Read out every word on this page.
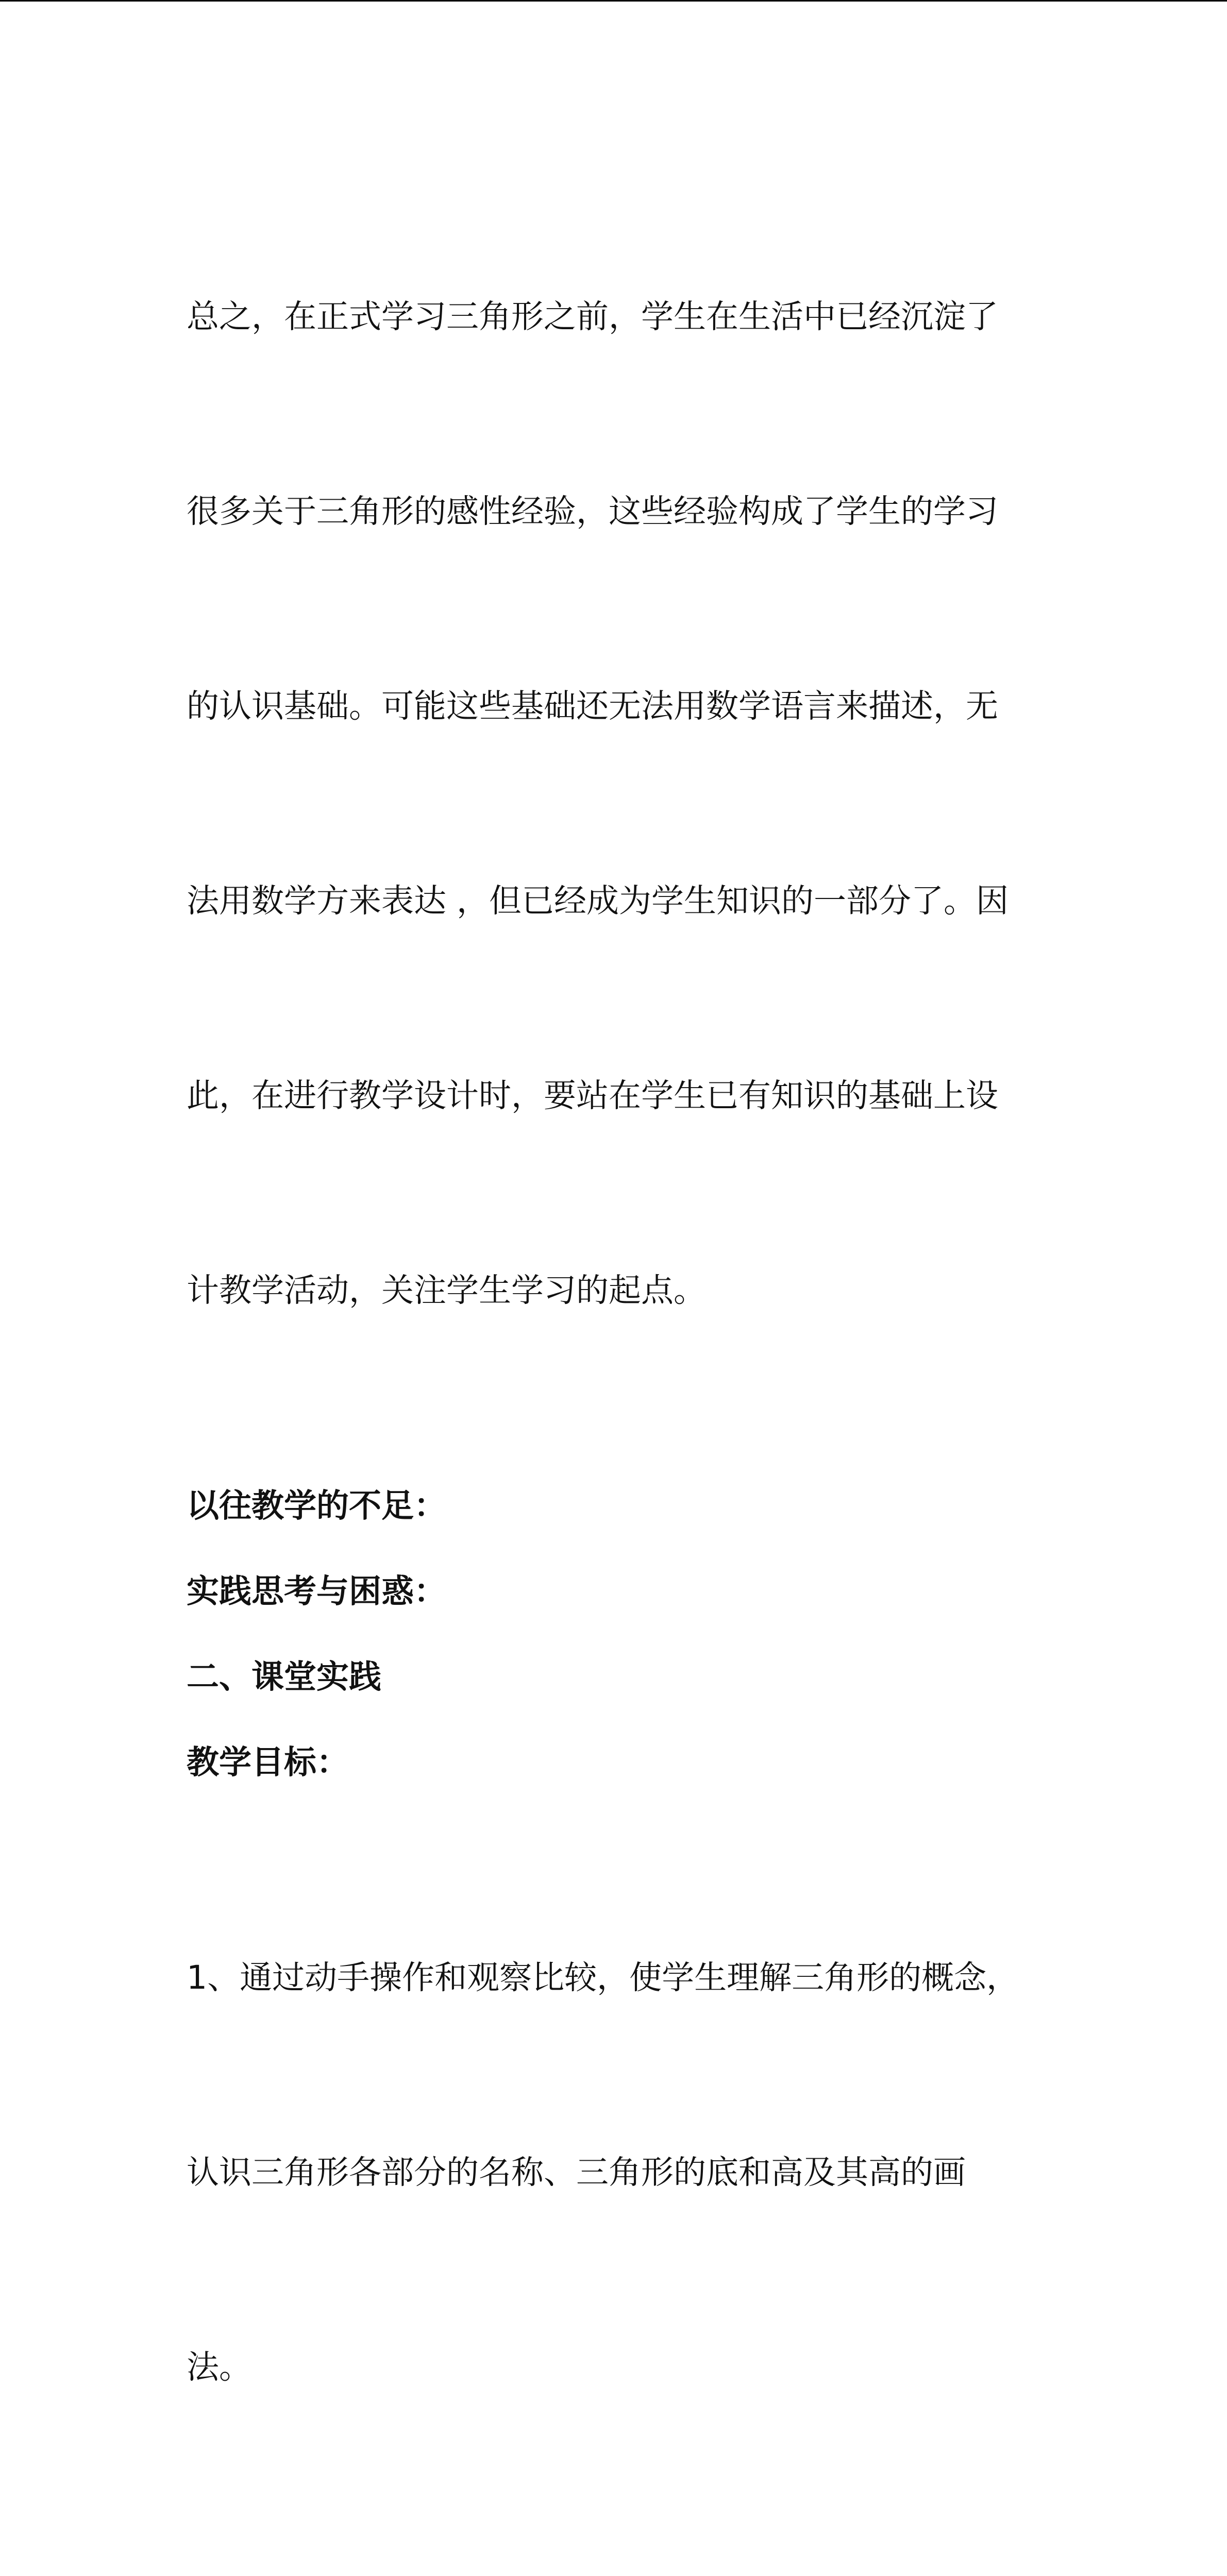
总之，在正式学习三角形之前，学生在生活中已经沉淀了

很多关于三角形的感性经验，这些经验构成了学生的学习

的认识基础。可能这些基础还无法用数学语言来描述，无

法用数学方来表达 ，但已经成为学生知识的一部分了。因

此，在进行教学设计时，要站在学生已有知识的基础上设

计教学活动，关注学生学习的起点。

以往教学的不足：
实践思考与困惑：
二、课堂实践
教学目标：

1、通过动手操作和观察比较，使学生理解三角形的概念，

认识三角形各部分的名称、三角形的底和高及其高的画

法。
